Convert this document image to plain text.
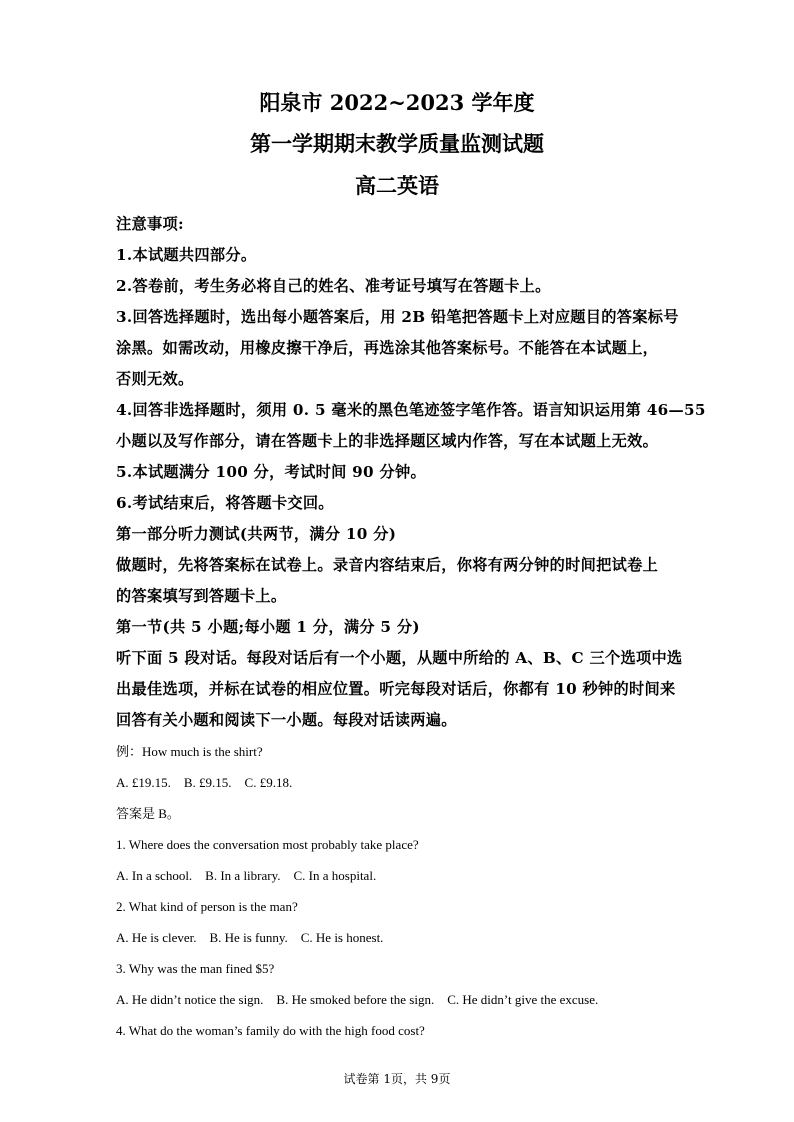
阳泉市 2022~2023 学年度
第一学期期末教学质量监测试题
高二英语
注意事项:
1.本试题共四部分。
2.答卷前，考生务必将自己的姓名、准考证号填写在答题卡上。
3.回答选择题时，选出每小题答案后，用 2B 铅笔把答题卡上对应题目的答案标号
涂黑。如需改动，用橡皮擦干净后，再选涂其他答案标号。不能答在本试题上，
否则无效。
4.回答非选择题时，须用 0. 5 毫米的黑色笔迹签字笔作答。语言知识运用第 46—55
小题以及写作部分，请在答题卡上的非选择题区域内作答，写在本试题上无效。
5.本试题满分 100 分，考试时间 90 分钟。
6.考试结束后，将答题卡交回。
第一部分听力测试(共两节，满分 10 分)
做题时，先将答案标在试卷上。录音内容结束后，你将有两分钟的时间把试卷上
的答案填写到答题卡上。
第一节(共 5 小题;每小题 1 分，满分 5 分)
听下面 5 段对话。每段对话后有一个小题，从题中所给的 A、B、C 三个选项中选
出最佳选项，并标在试卷的相应位置。听完每段对话后，你都有 10 秒钟的时间来
回答有关小题和阅读下一小题。每段对话读两遍。
例：How much is the shirt?
A. £19.15.    B. £9.15.    C. £9.18.
答案是 B。
1. Where does the conversation most probably take place?
A. In a school.    B. In a library.    C. In a hospital.
2. What kind of person is the man?
A. He is clever.    B. He is funny.    C. He is honest.
3. Why was the man fined $5?
A. He didn’t notice the sign.    B. He smoked before the sign.    C. He didn’t give the excuse.
4. What do the woman’s family do with the high food cost?
试卷第 1页，共 9页
